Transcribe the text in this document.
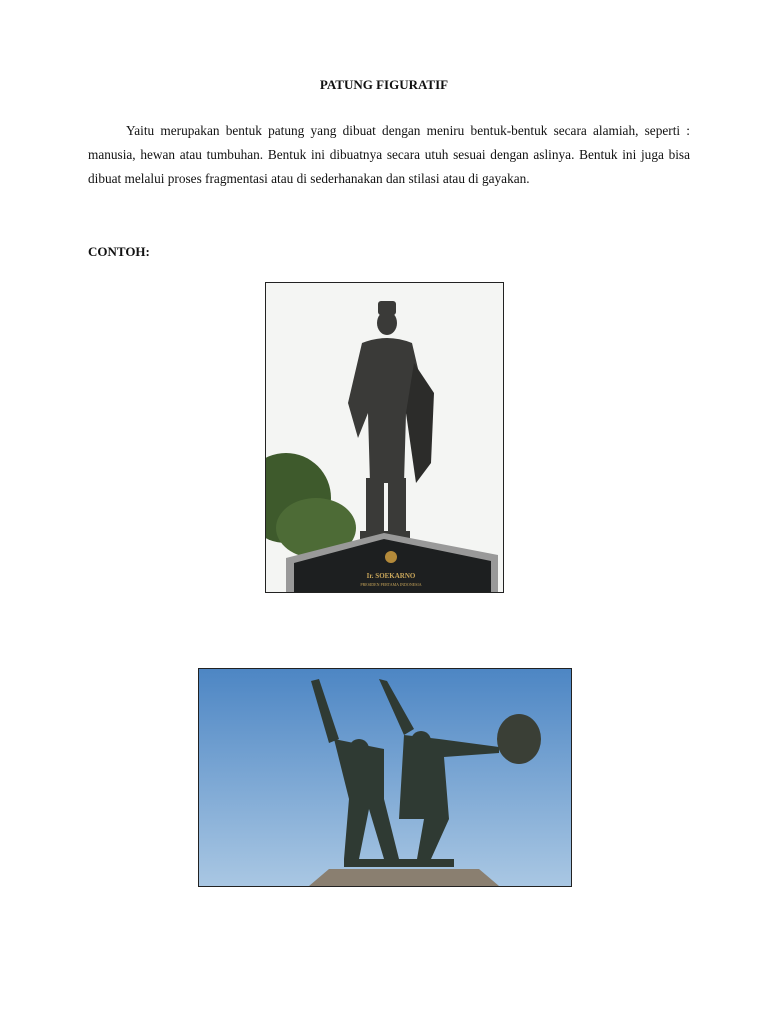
PATUNG FIGURATIF

Yaitu merupakan bentuk patung yang dibuat dengan meniru bentuk-bentuk secara alamiah, seperti : manusia, hewan atau tumbuhan. Bentuk ini dibuatnya secara utuh sesuai dengan aslinya. Bentuk ini juga bisa dibuat melalui proses fragmentasi atau di sederhanakan dan stilasi atau di gayakan.

CONTOH:
Ir. SOEKARNO
PRESIDEN PERTAMA INDONESIA
